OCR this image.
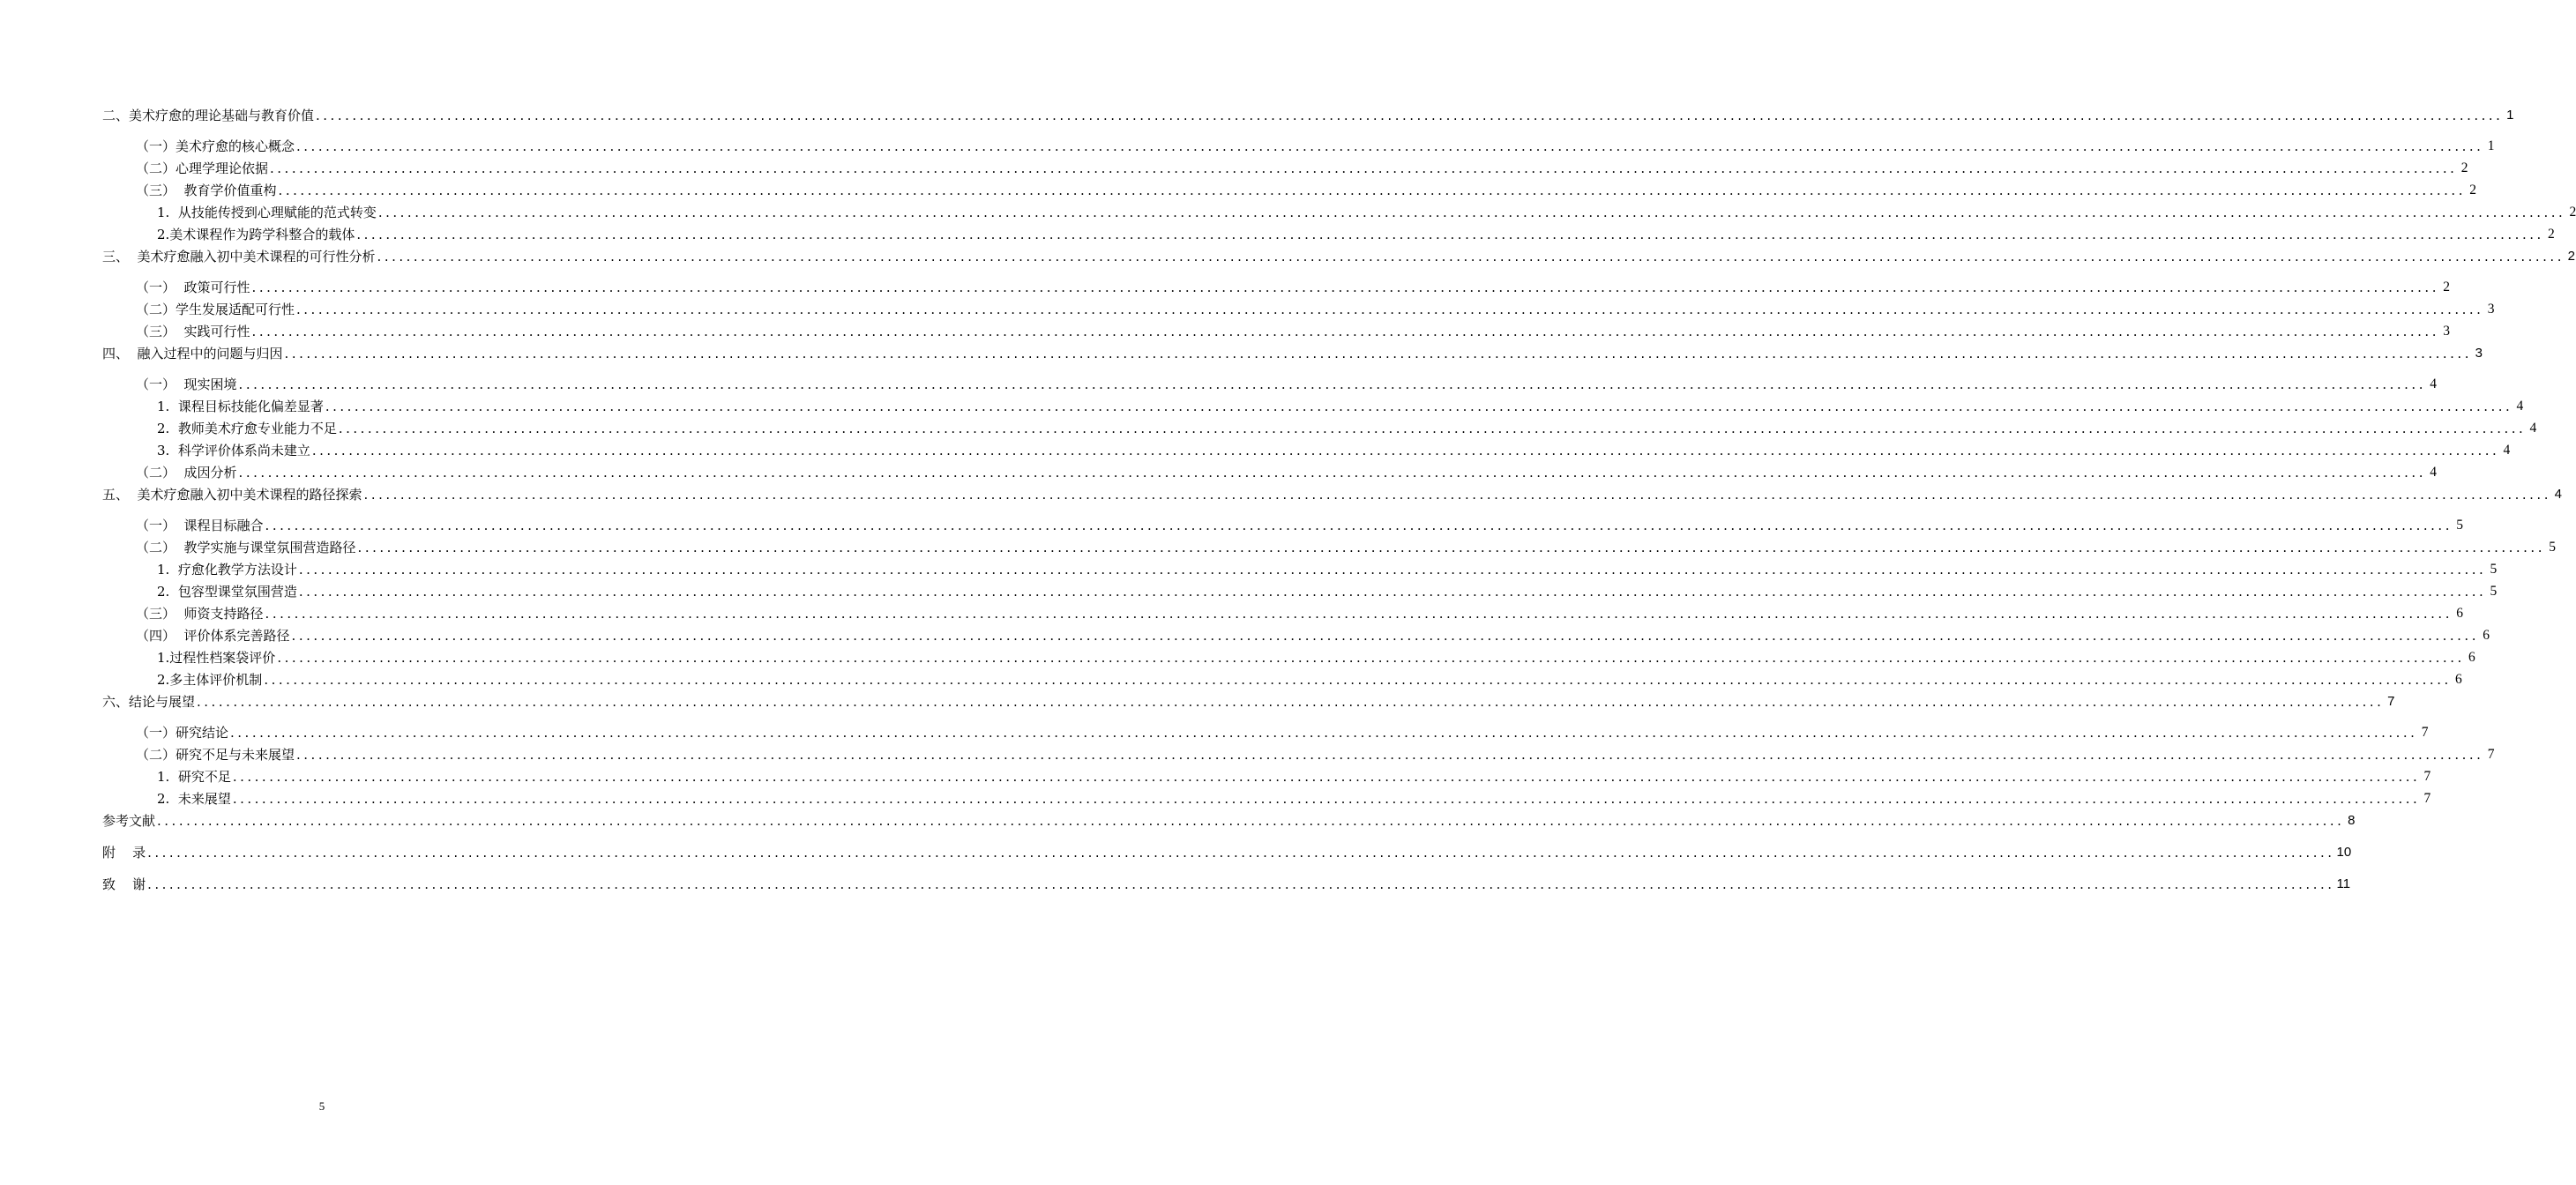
二、美术疗愈的理论基础与教育价值 ............................................................................................................................................................................................................................................................................................................ 1
（一）美术疗愈的核心概念 ............................................................................................................................................................................................................................................................................................................ 1
（二）心理学理论依据 ............................................................................................................................................................................................................................................................................................................ 2
（三）  教育学价值重构 ............................................................................................................................................................................................................................................................................................................ 2
1.  从技能传授到心理赋能的范式转变 ............................................................................................................................................................................................................................................................................................................ 2
2.美术课程作为跨学科整合的载体 ............................................................................................................................................................................................................................................................................................................ 2
三、  美术疗愈融入初中美术课程的可行性分析 ............................................................................................................................................................................................................................................................................................................ 2
（一）  政策可行性 ............................................................................................................................................................................................................................................................................................................ 2
（二）学生发展适配可行性 ............................................................................................................................................................................................................................................................................................................ 3
（三）  实践可行性 ............................................................................................................................................................................................................................................................................................................ 3
四、  融入过程中的问题与归因 ............................................................................................................................................................................................................................................................................................................ 3
（一）  现实困境 ............................................................................................................................................................................................................................................................................................................ 4
1.  课程目标技能化偏差显著 ............................................................................................................................................................................................................................................................................................................ 4
2.  教师美术疗愈专业能力不足 ............................................................................................................................................................................................................................................................................................................ 4
3.  科学评价体系尚未建立 ............................................................................................................................................................................................................................................................................................................ 4
（二）  成因分析 ............................................................................................................................................................................................................................................................................................................ 4
五、  美术疗愈融入初中美术课程的路径探索 ............................................................................................................................................................................................................................................................................................................ 4
（一）  课程目标融合 ............................................................................................................................................................................................................................................................................................................ 5
（二）  教学实施与课堂氛围营造路径 ............................................................................................................................................................................................................................................................................................................ 5
1.  疗愈化教学方法设计 ............................................................................................................................................................................................................................................................................................................ 5
2.  包容型课堂氛围营造 ............................................................................................................................................................................................................................................................................................................ 5
（三）  师资支持路径 ............................................................................................................................................................................................................................................................................................................ 6
（四）  评价体系完善路径 ............................................................................................................................................................................................................................................................................................................ 6
1.过程性档案袋评价 ............................................................................................................................................................................................................................................................................................................ 6
2.多主体评价机制 ............................................................................................................................................................................................................................................................................................................ 6
六、结论与展望 ............................................................................................................................................................................................................................................................................................................ 7
（一）研究结论 ............................................................................................................................................................................................................................................................................................................ 7
（二）研究不足与未来展望 ............................................................................................................................................................................................................................................................................................................ 7
1.  研究不足 ............................................................................................................................................................................................................................................................................................................ 7
2.  未来展望 ............................................................................................................................................................................................................................................................................................................ 7
参考文献 ............................................................................................................................................................................................................................................................................................................ 8
附    录 ............................................................................................................................................................................................................................................................................................................ 10
致    谢 ............................................................................................................................................................................................................................................................................................................ 11
5
